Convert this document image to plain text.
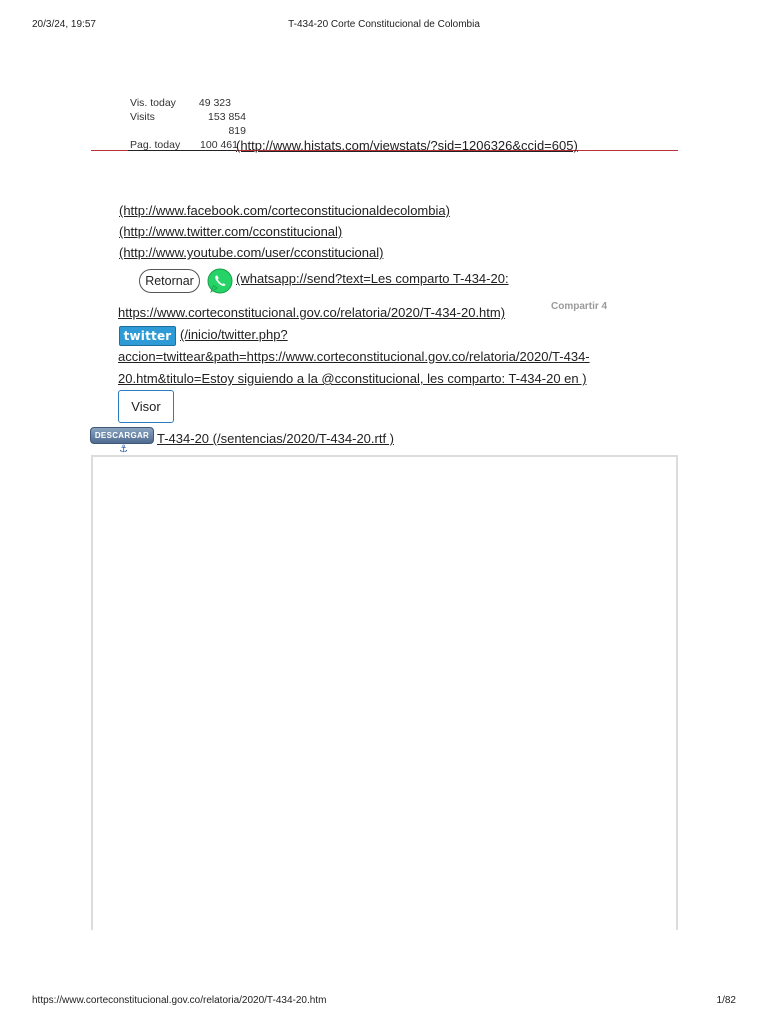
20/3/24, 19:57	T-434-20 Corte Constitucional de Colombia
Vis. today	49 323
Visits	153 854 819
Pag. today	100 461
(http://www.histats.com/viewstats/?sid=1206326&ccid=605)
(http://www.facebook.com/corteconstitucionaldecolombia)
(http://www.twitter.com/cconstitucional)
(http://www.youtube.com/user/cconstitucional)
Retornar	(whatsapp://send?text=Les comparto T-434-20:
https://www.corteconstitucional.gov.co/relatoria/2020/T-434-20.htm)	Compartir 4
twitter (/inicio/twitter.php?
accion=twittear&path=https://www.corteconstitucional.gov.co/relatoria/2020/T-434-
20.htm&titulo=Estoy siguiendo a la @cconstitucional, les comparto: T-434-20 en )
Visor
DESCARGAR
⚓
T-434-20 (/sentencias/2020/T-434-20.rtf )
https://www.corteconstitucional.gov.co/relatoria/2020/T-434-20.htm	1/82
